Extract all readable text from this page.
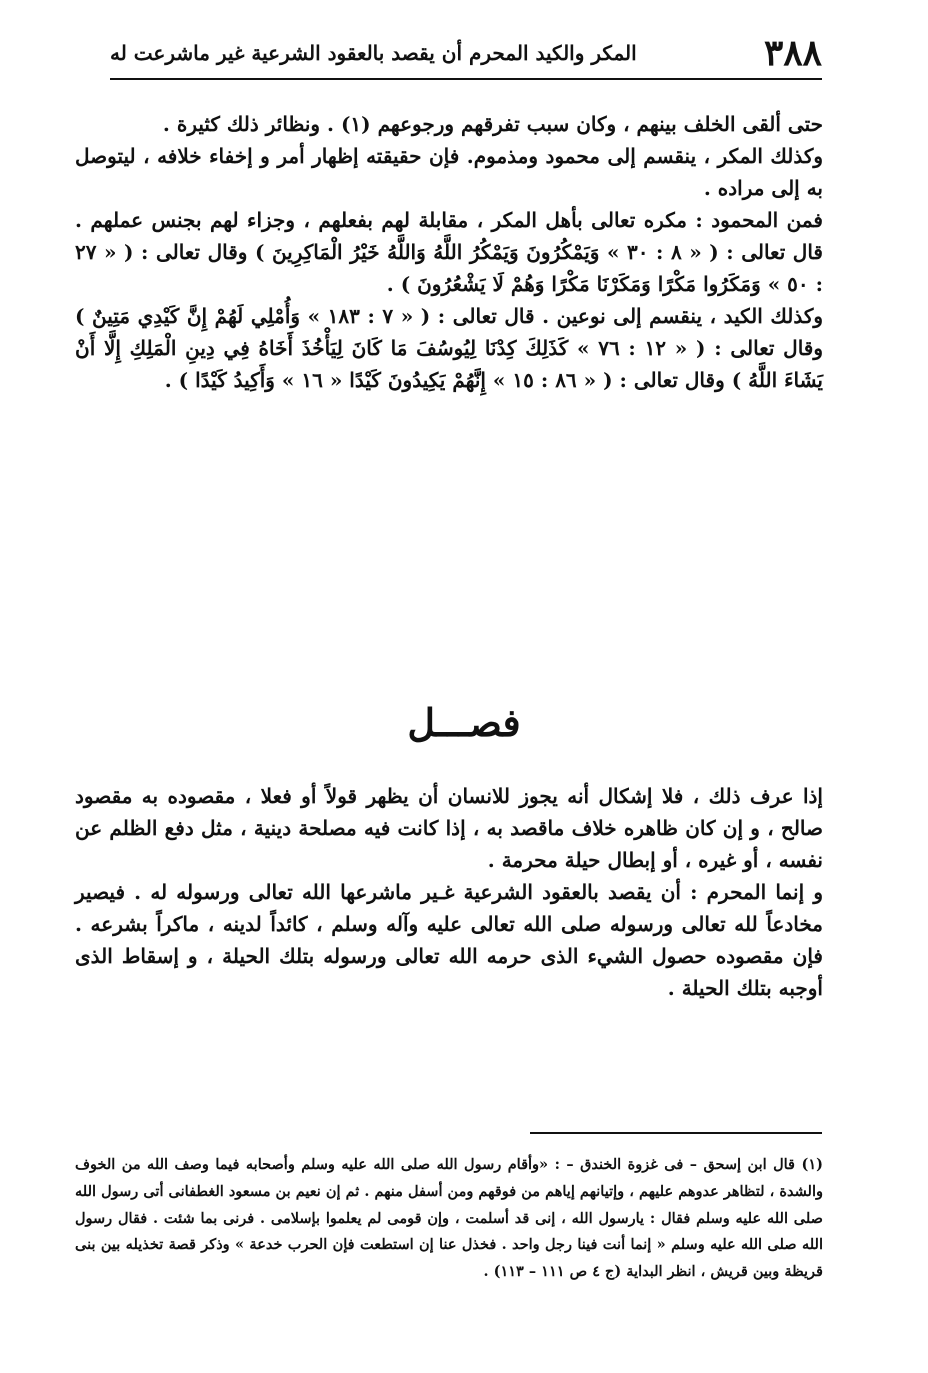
٣٨٨
المكر والكيد المحرم أن يقصد بالعقود الشرعية غير ماشرعت له

حتى ألقى الخلف بينهم ، وكان سبب تفرقهم ورجوعهم (١) . ونظائر ذلك كثيرة .

وكذلك المكر ، ينقسم إلى محمود ومذموم. فإن حقيقته إظهار أمر و إخفاء خلافه ، ليتوصل به إلى مراده .

فمن المحمود : مكره تعالى بأهل المكر ، مقابلة لهم بفعلهم ، وجزاء لهم بجنس عملهم . قال تعالى : ( « ٨ : ٣٠ » وَيَمْكُرُونَ وَيَمْكُرُ اللَّهُ وَاللَّهُ خَيْرُ الْمَاكِرِينَ ) وقال تعالى : ( « ٢٧ : ٥٠ » وَمَكَرُوا مَكْرًا وَمَكَرْنَا مَكْرًا وَهُمْ لَا يَشْعُرُونَ ) .

وكذلك الكيد ، ينقسم إلى نوعين . قال تعالى : ( « ٧ : ١٨٣ » وَأُمْلِي لَهُمْ إِنَّ كَيْدِي مَتِينٌ ) وقال تعالى : ( « ١٢ : ٧٦ » كَذَلِكَ كِدْنَا لِيُوسُفَ مَا كَانَ لِيَأْخُذَ أَخَاهُ فِي دِينِ الْمَلِكِ إِلَّا أَنْ يَشَاءَ اللَّهُ ) وقال تعالى : ( « ٨٦ : ١٥ » إِنَّهُمْ يَكِيدُونَ كَيْدًا « ١٦ » وَأَكِيدُ كَيْدًا ) .

فصـــل

إذا عرف ذلك ، فلا إشكال أنه يجوز للانسان أن يظهر قولاً أو فعلا ، مقصوده به مقصود صالح ، و إن كان ظاهره خلاف ماقصد به ، إذا كانت فيه مصلحة دينية ، مثل دفع الظلم عن نفسه ، أو غيره ، أو إبطال حيلة محرمة .

و إنما المحرم : أن يقصد بالعقود الشرعية غـير ماشرعها الله تعالى ورسوله له . فيصير مخادعاً لله تعالى ورسوله صلى الله تعالى عليه وآله وسلم ، كائداً لدينه ، ماكراً بشرعه . فإن مقصوده حصول الشيء الذى حرمه الله تعالى ورسوله بتلك الحيلة ، و إسقاط الذى أوجبه بتلك الحيلة .

(١) قال ابن إسحق – فى غزوة الخندق – : «وأقام رسول الله صلى الله عليه وسلم وأصحابه فيما وصف الله من الخوف والشدة ، لتظاهر عدوهم عليهم ، وإتيانهم إياهم من فوقهم ومن أسفل منهم . ثم إن نعيم بن مسعود الغطفانى أتى رسول الله صلى الله عليه وسلم فقال : يارسول الله ، إنى قد أسلمت ، وإن قومى لم يعلموا بإسلامى . فرنى بما شئت . فقال رسول الله صلى الله عليه وسلم « إنما أنت فينا رجل واحد . فخذل عنا إن استطعت فإن الحرب خدعة » وذكر قصة تخذيله بين بنى قريظة وبين قريش ، انظر البداية (ج ٤ ص ١١١ – ١١٣) .
